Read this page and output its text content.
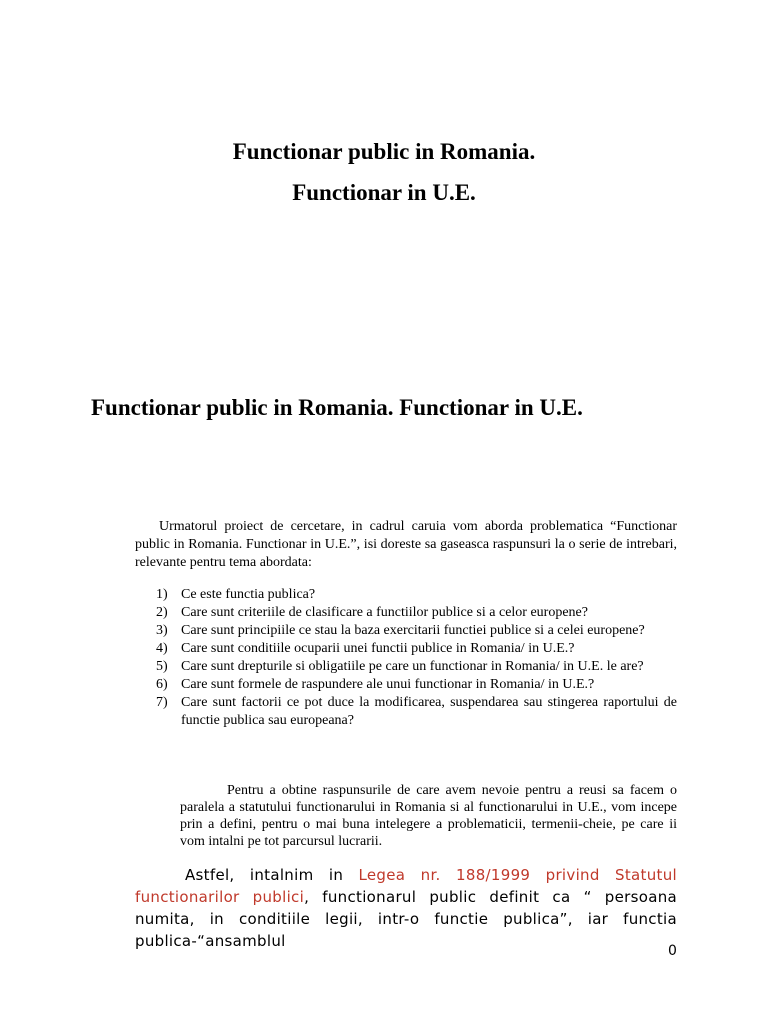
Functionar public in Romania.
Functionar in U.E.
Functionar public in Romania. Functionar in U.E.

Urmatorul proiect de cercetare, in cadrul caruia vom aborda problematica “Functionar public in Romania. Functionar in U.E.”, isi doreste sa gaseasca raspunsuri la o serie de intrebari, relevante pentru tema abordata:

1) Ce este functia publica?
2) Care sunt criteriile de clasificare a functiilor publice si a celor europene?
3) Care sunt principiile ce stau la baza exercitarii functiei publice si a celei europene?
4) Care sunt conditiile ocuparii unei functii publice in Romania/ in U.E.?
5) Care sunt drepturile si obligatiile pe care un functionar in Romania/ in U.E. le are?
6) Care sunt formele de raspundere ale unui functionar in Romania/ in U.E.?
7) Care sunt factorii ce pot duce la modificarea, suspendarea sau stingerea raportului de functie publica sau europeana?

Pentru a obtine raspunsurile de care avem nevoie pentru a reusi sa facem o paralela a statutului functionarului in Romania si al functionarului in U.E., vom incepe prin a defini, pentru o mai buna intelegere a problematicii, termenii-cheie, pe care ii vom intalni pe tot parcursul lucrarii.

Astfel, intalnim in Legea nr. 188/1999 privind Statutul functionarilor publici, functionarul public definit ca “ persoana numita, in conditiile legii, intr-o functie publica”, iar functia publica-“ansamblul

0
